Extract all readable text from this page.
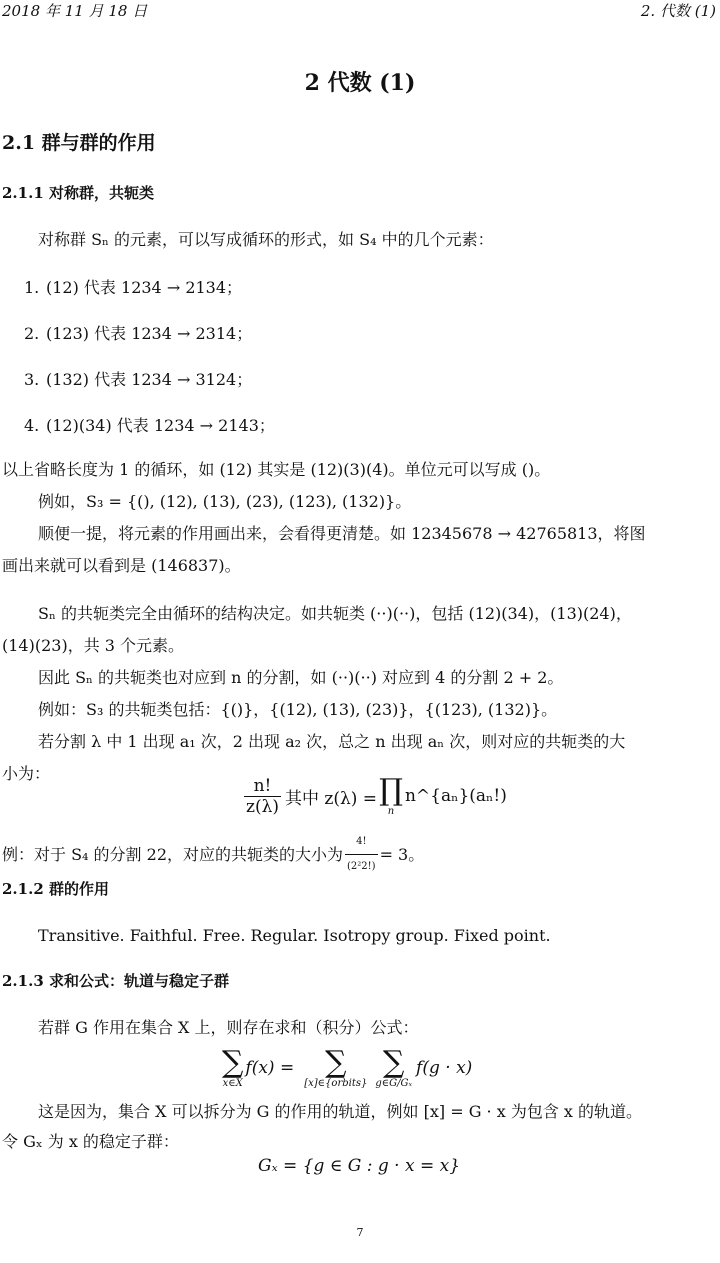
2018 年 11 月 18 日	2. 代数 (1)
2 代数 (1)
2.1 群与群的作用
2.1.1 对称群，共轭类
对称群 Sₙ 的元素，可以写成循环的形式，如 S₄ 中的几个元素：
1. (12) 代表 1234 → 2134；
2. (123) 代表 1234 → 2314；
3. (132) 代表 1234 → 3124；
4. (12)(34) 代表 1234 → 2143；
以上省略长度为 1 的循环，如 (12) 其实是 (12)(3)(4)。单位元可以写成 ()。
例如，S₃ = {(), (12), (13), (23), (123), (132)}。
顺便一提，将元素的作用画出来，会看得更清楚。如 12345678 → 42765813，将图
画出来就可以看到是 (146837)。
Sₙ 的共轭类完全由循环的结构决定。如共轭类 (··)(··)，包括 (12)(34)，(13)(24)，
(14)(23)，共 3 个元素。
因此 Sₙ 的共轭类也对应到 n 的分割，如 (··)(··) 对应到 4 的分割 2 + 2。
例如：S₃ 的共轭类包括：{()}，{(12), (13), (23)}，{(123), (132)}。
若分割 λ 中 1 出现 a₁ 次，2 出现 a₂ 次，总之 n 出现 aₙ 次，则对应的共轭类的大
小为：
$\frac{n!}{z(\lambda)}$ 其中 z(λ) = ∏
n
n^{aₙ}(aₙ!)
例：对于 S₄ 的分割 22，对应的共轭类的大小为 $\frac{4!}{\text{(2²2!)}} = 3$。
2.1.2 群的作用
Transitive. Faithful. Free. Regular. Isotropy group. Fixed point.
2.1.3 求和公式：轨道与稳定子群
若群 G 作用在集合 X 上，则存在求和（积分）公式：
∑
x∈X
f(x) =	∑
[x]∈{orbits}
∑
g∈G/Gₓ
f(g · x)
这是因为，集合 X 可以拆分为 G 的作用的轨道，例如 [x] = G · x 为包含 x 的轨道。
令 Gₓ 为 x 的稳定子群：
Gₓ = {g ∈ G : g · x = x}
7
